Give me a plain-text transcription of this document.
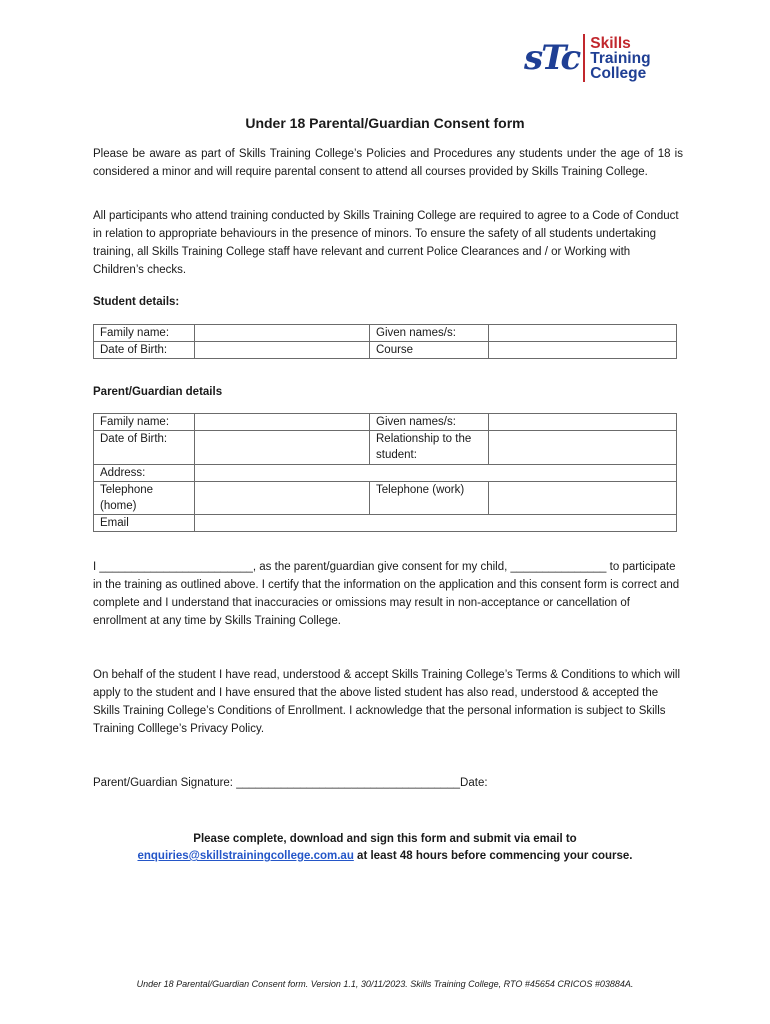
sTc Skills
Training
College
Under 18 Parental/Guardian Consent form
Please be aware as part of Skills Training College’s Policies and Procedures any students under the age of 18 is considered a minor and will require parental consent to attend all courses provided by Skills Training College.
All participants who attend training conducted by Skills Training College are required to agree to a Code of Conduct in relation to appropriate behaviours in the presence of minors. To ensure the safety of all students undertaking training, all Skills Training College staff have relevant and current Police Clearances and / or Working with Children’s checks.
Student details:
Family name:		Given names/s:	
Date of Birth:		Course	
Parent/Guardian details
Family name:		Given names/s:	
Date of Birth:		Relationship to the student:	
Address:			
Telephone (home)		Telephone (work)	
Email			
I ________________________, as the parent/guardian give consent for my child, _______________ to participate in the training as outlined above. I certify that the information on the application and this consent form is correct and complete and I understand that inaccuracies or omissions may result in non-acceptance or cancellation of enrollment at any time by Skills Training College.
On behalf of the student I have read, understood & accept Skills Training College’s Terms & Conditions to which will apply to the student and I have ensured that the above listed student has also read, understood & accepted the Skills Training College’s Conditions of Enrollment. I acknowledge that the personal information is subject to Skills Training Colllege’s Privacy Policy.
Parent/Guardian Signature: ___________________________________Date:
Please complete, download and sign this form and submit via email to
enquiries@skillstrainingcollege.com.au at least 48 hours before commencing your course.
Under 18 Parental/Guardian Consent form. Version 1.1, 30/11/2023. Skills Training College, RTO #45654 CRICOS #03884A.
